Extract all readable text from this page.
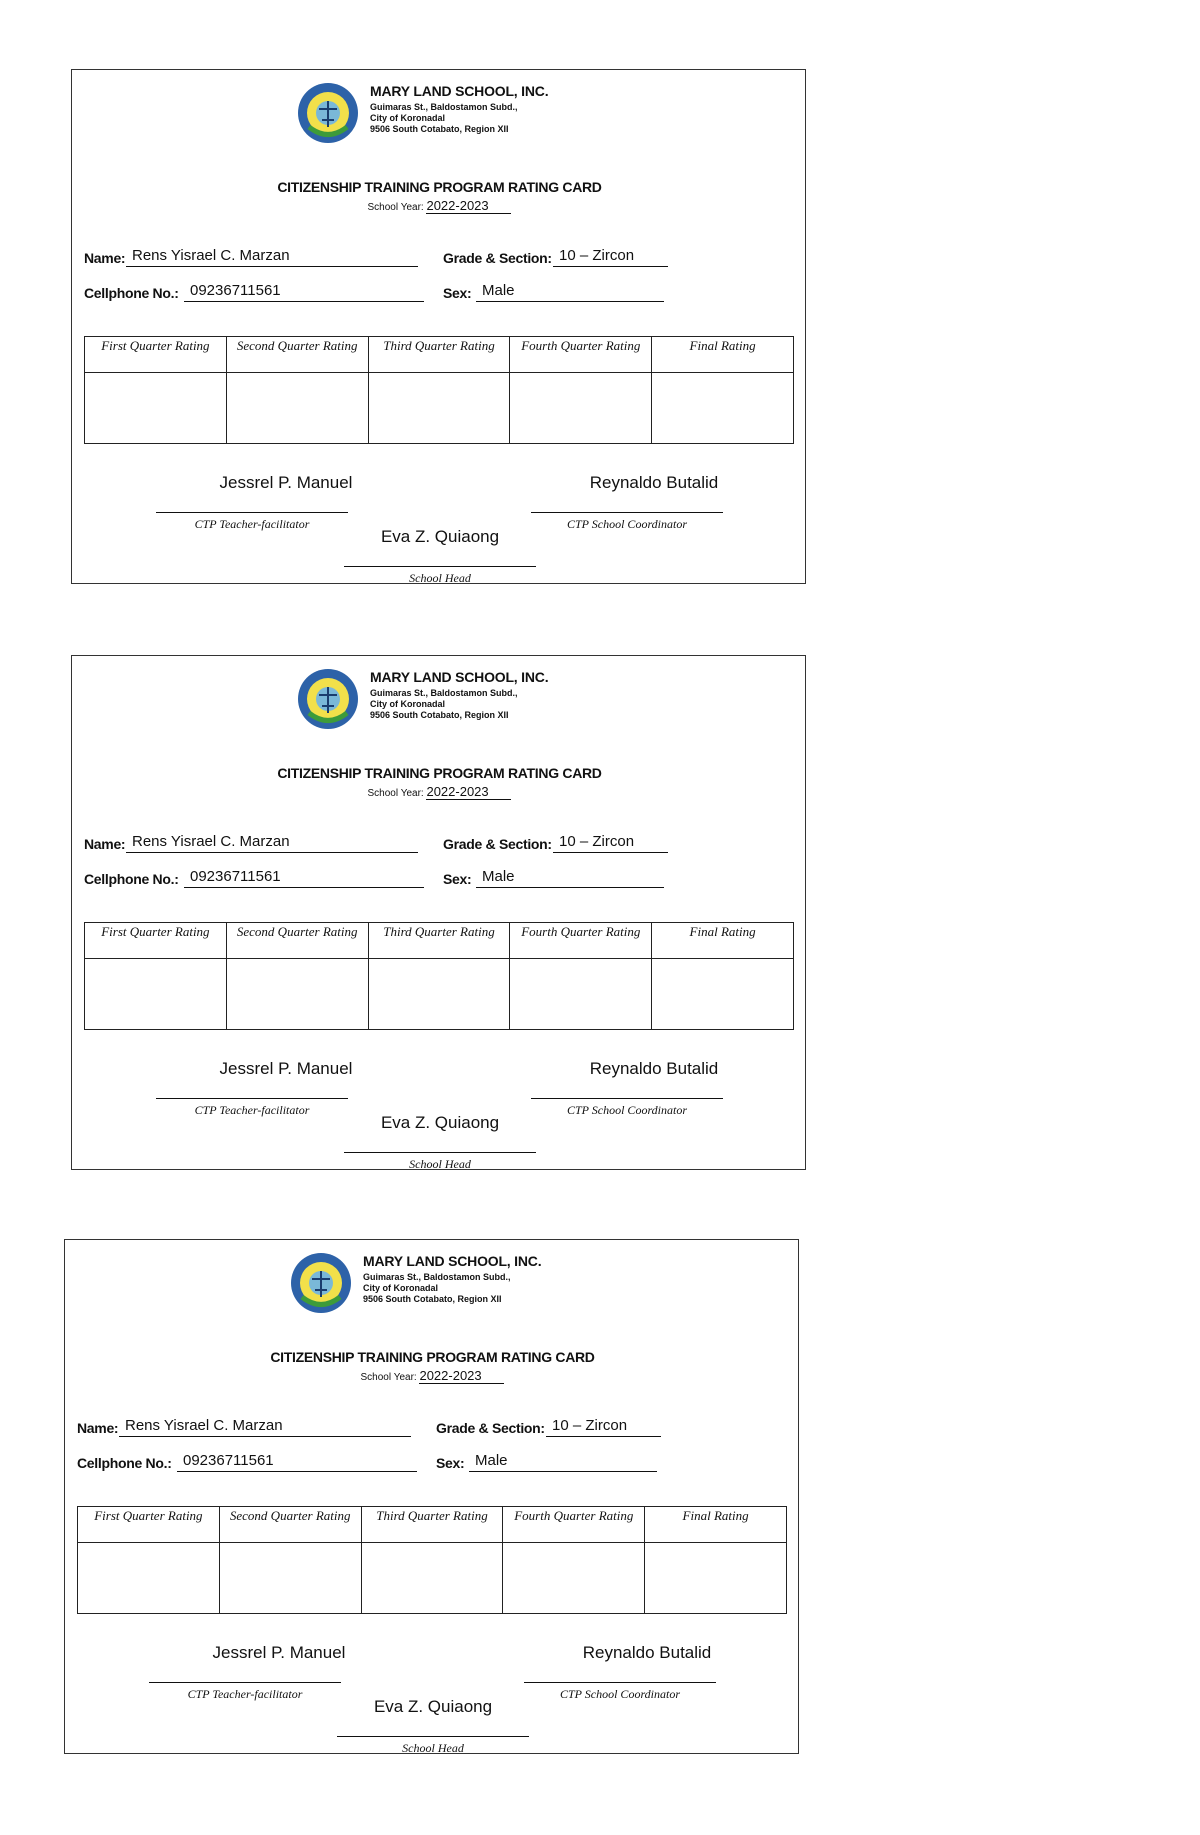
MARY LAND SCHOOL, INC.
Guimaras St., Baldostamon Subd.,
City of Koronadal
9506 South Cotabato, Region XII
CITIZENSHIP TRAINING PROGRAM RATING CARD
School Year: 2022-2023
Name: Rens Yisrael C. Marzan	Grade & Section: 10 – Zircon
Cellphone No.: 09236711561	Sex: Male
First Quarter Rating	Second Quarter Rating	Third Quarter Rating	Fourth Quarter Rating	Final Rating

Jessrel P. Manuel
CTP Teacher-facilitator
Reynaldo Butalid
CTP School Coordinator
Eva Z. Quiaong
School Head
MARY LAND SCHOOL, INC.
Guimaras St., Baldostamon Subd.,
City of Koronadal
9506 South Cotabato, Region XII
CITIZENSHIP TRAINING PROGRAM RATING CARD
School Year: 2022-2023
Name: Rens Yisrael C. Marzan	Grade & Section: 10 – Zircon
Cellphone No.: 09236711561	Sex: Male
First Quarter Rating	Second Quarter Rating	Third Quarter Rating	Fourth Quarter Rating	Final Rating

Jessrel P. Manuel
CTP Teacher-facilitator
Reynaldo Butalid
CTP School Coordinator
Eva Z. Quiaong
School Head
MARY LAND SCHOOL, INC.
Guimaras St., Baldostamon Subd.,
City of Koronadal
9506 South Cotabato, Region XII
CITIZENSHIP TRAINING PROGRAM RATING CARD
School Year: 2022-2023
Name: Rens Yisrael C. Marzan	Grade & Section: 10 – Zircon
Cellphone No.: 09236711561	Sex: Male
First Quarter Rating	Second Quarter Rating	Third Quarter Rating	Fourth Quarter Rating	Final Rating

Jessrel P. Manuel
CTP Teacher-facilitator
Reynaldo Butalid
CTP School Coordinator
Eva Z. Quiaong
School Head
